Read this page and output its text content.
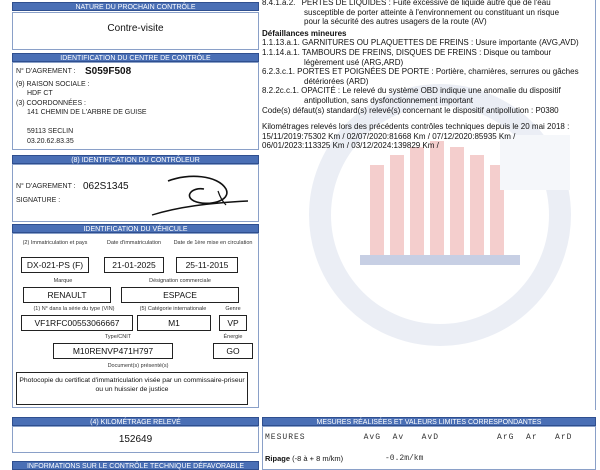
NATURE DU PROCHAIN CONTRÔLE
Contre-visite
IDENTIFICATION DU CENTRE DE CONTRÔLE
N° D'AGREMENT : S059F508
(9) RAISON SOCIALE :
HDF CT
(3) COORDONNÉES :
141 CHEMIN DE L'ARBRE DE GUISE
59113 SECLIN
03.20.62.83.35
(8) IDENTIFICATION DU CONTRÔLEUR
N° D'AGREMENT : 062S1345
SIGNATURE :
IDENTIFICATION DU VÉHICULE
(2) Immatriculation et pays	Date d'immatriculation	Date de 1ère mise en circulation
DX-021-PS (F)	21-01-2025	25-11-2015
Marque	Désignation commerciale
RENAULT	ESPACE
(1) N° dans la série du type (VIN)	(5) Catégorie internationale	Genre
VF1RFC00553066667	M1	VP
Type/CNIT	Énergie
M10RENVP471H797	GO
Document(s) présenté(s)
Photocopie du certificat d'immatriculation visée par un commissaire-priseur ou un huissier de justice
(4) KILOMÉTRAGE RELEVÉ
152649
INFORMATIONS SUR LE CONTRÔLE TECHNIQUE DÉFAVORABLE
8.4.1.a.2. PERTES DE LIQUIDES : Fuite excessive de liquide autre que de l'eau
susceptible de porter atteinte à l'environnement ou constituant un risque
pour la sécurité des autres usagers de la route (AV)
Défaillances mineures
1.1.13.a.1. GARNITURES OU PLAQUETTES DE FREINS : Usure importante (AVG,AVD)
1.1.14.a.1. TAMBOURS DE FREINS, DISQUES DE FREINS : Disque ou tambour
légèrement usé (ARG,ARD)
6.2.3.c.1. PORTES ET POIGNÉES DE PORTE : Portière, charnières, serrures ou gâches
détériorées (ARD)
8.2.2c.c.1. OPACITÉ : Le relevé du système OBD indique une anomalie du dispositif
antipollution, sans dysfonctionnement important
Code(s) défaut(s) standard(s) relevé(s) concernant le dispositif antipollution : P0380
Kilométrages relevés lors des précédents contrôles techniques depuis le 20 mai 2018 :
15/11/2019:75302 Km / 02/07/2020:81668 Km / 07/12/2020:85935 Km /
06/01/2023:113325 Km / 03/12/2024:139829 Km /
MESURES RÉALISÉES ET VALEURS LIMITES CORRESPONDANTES
MESURES          AvG  Av   AvD          ArG  Ar   ArD
Ripage (-8 à + 8 m/km)	-0.2m/km
